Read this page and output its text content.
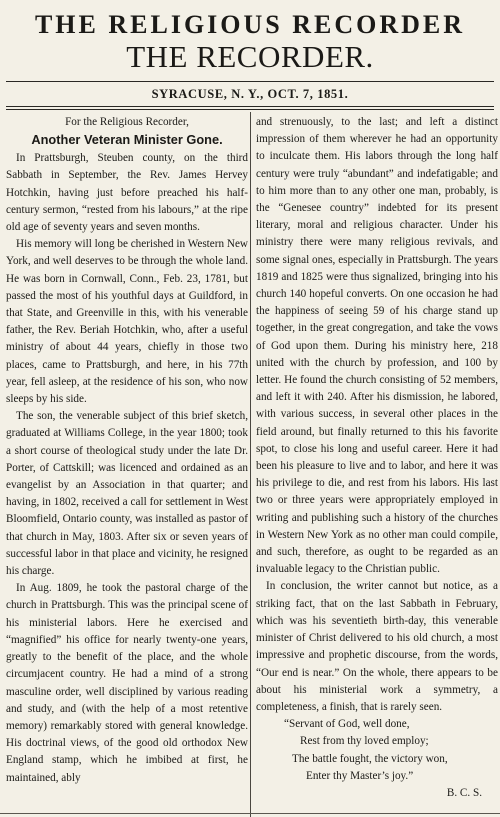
THE RELIGIOUS RECORDER
THE RECORDER.
SYRACUSE, N. Y., OCT. 7, 1851.

For the Religious Recorder,

Another Veteran Minister Gone.

In Prattsburgh, Steuben county, on the third Sabbath in September, the Rev. James Hervey Hotchkin, having just before preached his half-century sermon, “rested from his labours,” at the ripe old age of seventy years and seven months.

His memory will long be cherished in Western New York, and well deserves to be through the whole land. He was born in Cornwall, Conn., Feb. 23, 1781, but passed the most of his youthful days at Guildford, in that State, and Greenville in this, with his venerable father, the Rev. Beriah Hotchkin, who, after a useful ministry of about 44 years, chiefly in those two places, came to Prattsburgh, and here, in his 77th year, fell asleep, at the residence of his son, who now sleeps by his side.

The son, the venerable subject of this brief sketch, graduated at Williams College, in the year 1800; took a short course of theological study under the late Dr. Porter, of Cattskill; was licenced and ordained as an evangelist by an Association in that quarter; and having, in 1802, received a call for settlement in West Bloomfield, Ontario county, was installed as pastor of that church in May, 1803. After six or seven years of successful labor in that place and vicinity, he resigned his charge.

In Aug. 1809, he took the pastoral charge of the church in Prattsburgh. This was the principal scene of his ministerial labors. Here he exercised and “magnified” his office for nearly twenty-one years, greatly to the benefit of the place, and the whole circumjacent country. He had a mind of a strong masculine order, well disciplined by various reading and study, and (with the help of a most retentive memory) remarkably stored with general knowledge. His doctrinal views, of the good old orthodox New England stamp, which he imbibed at first, he maintained, ably

and strenuously, to the last; and left a distinct impression of them wherever he had an opportunity to inculcate them. His labors through the long half century were truly “abundant” and indefatigable; and to him more than to any other one man, probably, is the “Genesee country” indebted for its present literary, moral and religious character. Under his ministry there were many religious revivals, and some signal ones, especially in Prattsburgh. The years 1819 and 1825 were thus signalized, bringing into his church 140 hopeful converts. On one occasion he had the happiness of seeing 59 of his charge stand up together, in the great congregation, and take the vows of God upon them. During his ministry here, 218 united with the church by profession, and 100 by letter. He found the church consisting of 52 members, and left it with 240. After his dismission, he labored, with various success, in several other places in the field around, but finally returned to this his favorite spot, to close his long and useful career. Here it had been his pleasure to live and to labor, and here it was his privilege to die, and rest from his labors. His last two or three years were appropriately employed in writing and publishing such a history of the churches in Western New York as no other man could compile, and such, therefore, as ought to be regarded as an invaluable legacy to the Christian public.

In conclusion, the writer cannot but notice, as a striking fact, that on the last Sabbath in February, which was his seventieth birth-day, this venerable minister of Christ delivered to his old church, a most impressive and prophetic discourse, from the words, “Our end is near.” On the whole, there appears to be about his ministerial work a symmetry, a completeness, a finish, that is rarely seen.

“Servant of God, well done,
Rest from thy loved employ;
The battle fought, the victory won,
Enter thy Master’s joy.”

B. C. S.
